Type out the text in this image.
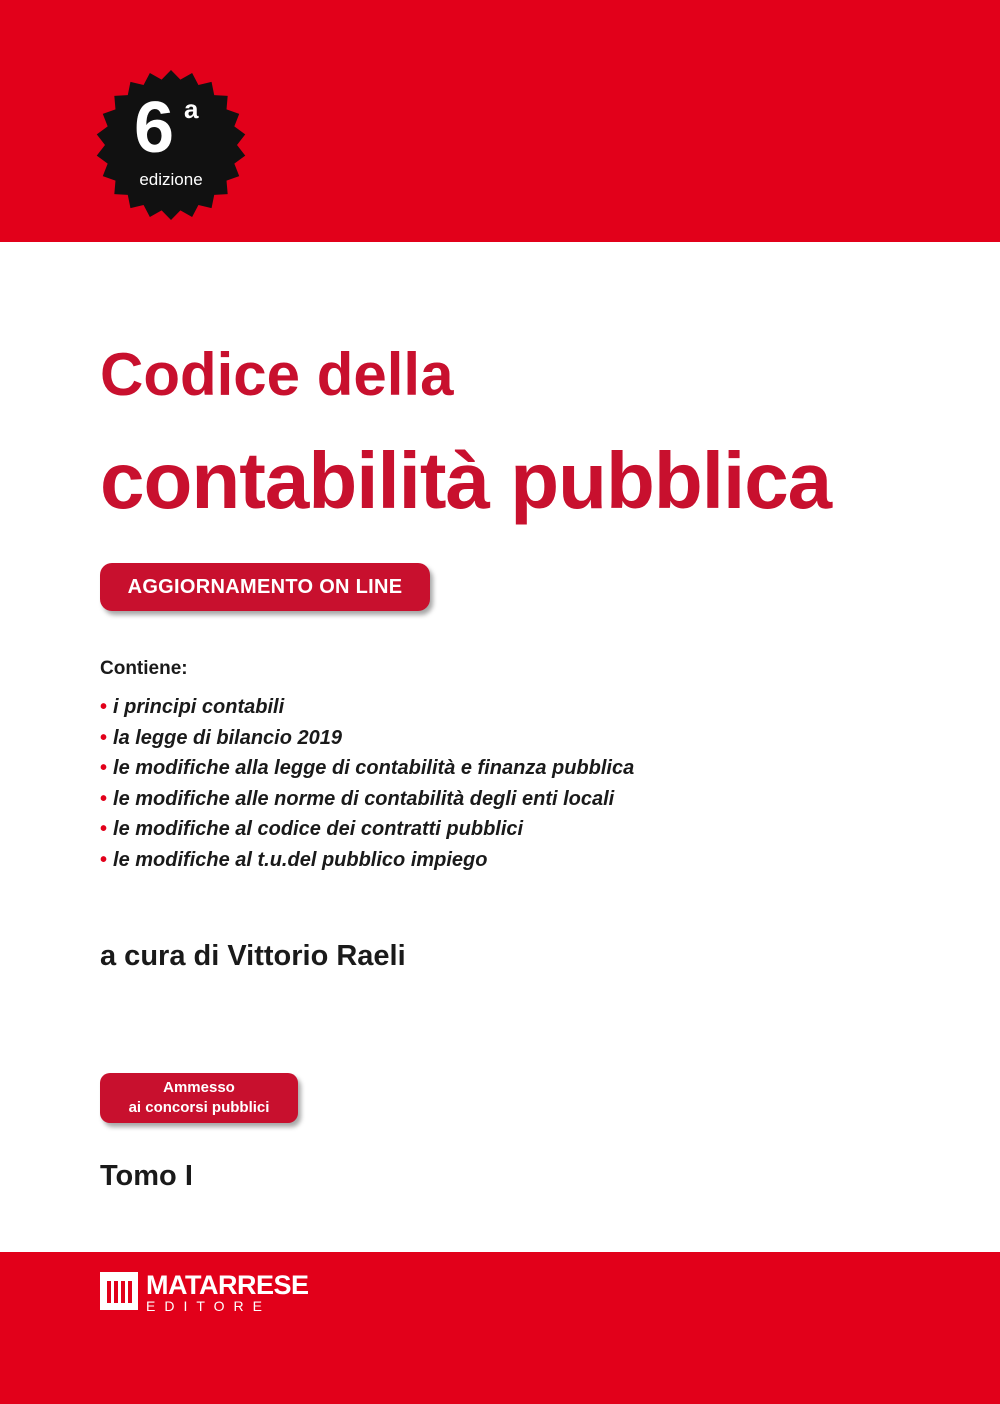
6 a
edizione
Codice della
contabilità pubblica
AGGIORNAMENTO ON LINE
Contiene:
• i principi contabili
• la legge di bilancio 2019
• le modifiche alla legge di contabilità e finanza pubblica
• le modifiche alle norme di contabilità degli enti locali
• le modifiche al codice dei contratti pubblici
• le modifiche al t.u.del pubblico impiego
a cura di Vittorio Raeli
Ammesso
ai concorsi pubblici
Tomo I
MATARRESE
EDITORE
